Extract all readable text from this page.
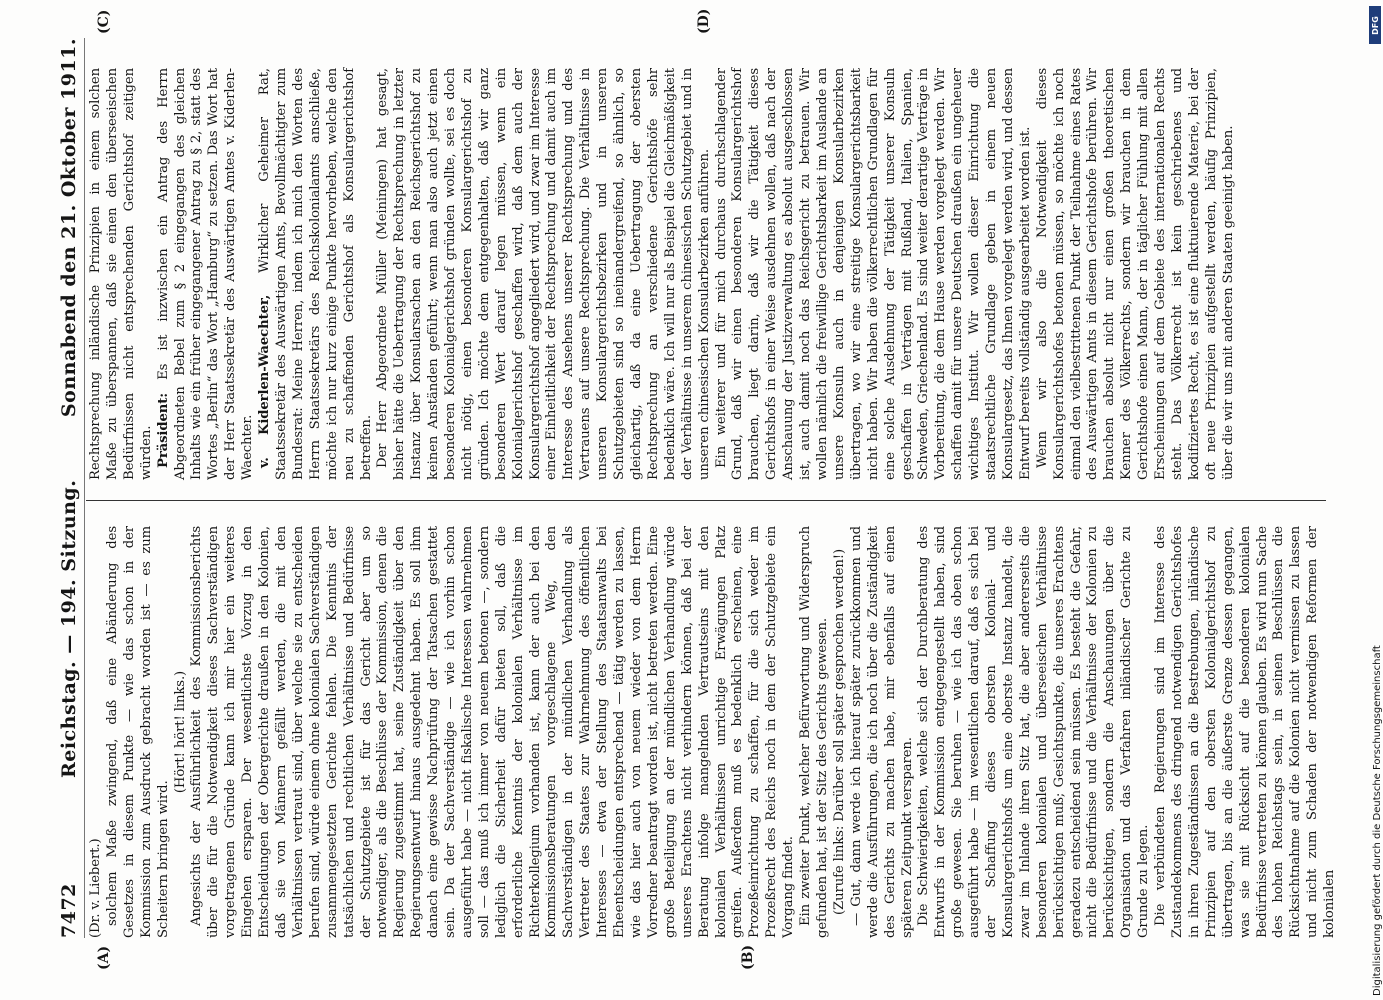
7472
Reichstag. — 194. Sitzung.
Sonnabend den 21. Oktober 1911.
(A)	(B)
(C)	(D)

(Dr. v. Liebert.) solchem Maße zwingend, daß eine Abänderung des Gesetzes in diesem Punkte — wie das schon in der Kommission zum Ausdruck gebracht worden ist — es zum Scheitern bringen wird.

(Hört! hört! links.) Angesichts der Ausführlichkeit des Kommissionsberichts über die für die Notwendigkeit dieses Sachverständigen vorgetragenen Gründe kann ich mir hier ein weiteres Eingehen ersparen. Der wesentlichste Vorzug in den Entscheidungen der Obergerichte draußen in den Kolonien, daß sie von Männern gefällt werden, die mit den Verhältnissen vertraut sind, über welche sie zu entscheiden berufen sind, würde einem ohne kolonialen Sachverständigen zusammengesetzten Gerichte fehlen. Die Kenntnis der tatsächlichen und rechtlichen Verhältnisse und Bedürfnisse der Schutzgebiete ist für das Gericht aber um so notwendiger, als die Beschlüsse der Kommission, denen die Regierung zugestimmt hat, seine Zuständigkeit über den Regierungsentwurf hinaus ausgedehnt haben. Es soll ihm danach eine gewisse Nachprüfung der Tatsachen gestattet sein. Da der Sachverständige — wie ich vorhin schon ausgeführt habe — nicht fiskalische Interessen wahrnehmen soll — das muß ich immer von neuem betonen —, sondern lediglich die Sicherheit dafür bieten soll, daß die erforderliche Kenntnis der kolonialen Verhältnisse im Richterkollegium vorhanden ist, kann der auch bei den Kommissionsberatungen vorgeschlagene Weg, den Sachverständigen in der mündlichen Verhandlung als Vertreter des Staates zur Wahrnehmung des öffentlichen Interesses — etwa der Stellung des Staatsanwalts bei Eheentscheidungen entsprechend — tätig werden zu lassen, wie das hier auch von neuem wieder von dem Herrn Vorredner beantragt worden ist, nicht betreten werden. Eine große Beteiligung an der mündlichen Verhandlung würde unseres Erachtens nicht verhindern können, daß bei der Beratung infolge mangelnden Vertrautseins mit den kolonialen Verhältnissen unrichtige Erwägungen Platz greifen. Außerdem muß es bedenklich erscheinen, eine Prozeßeinrichtung zu schaffen, für die sich weder im Prozeßrecht des Reichs noch in dem der Schutzgebiete ein Vorgang findet. Ein zweiter Punkt, welcher Befürwortung und Widerspruch gefunden hat, ist der Sitz des Gerichts gewesen. (Zurufe links: Darüber soll später gesprochen werden!) — Gut, dann werde ich hierauf später zurückkommen und werde die Ausführungen, die ich noch über die Zuständigkeit des Gerichts zu machen habe, mir ebenfalls auf einen späteren Zeitpunkt versparen. Die Schwierigkeiten, welche sich der Durchberatung des Entwurfs in der Kommission entgegengestellt haben, sind große gewesen. Sie beruhen — wie ich das oben schon ausgeführt habe — im wesentlichen darauf, daß es sich bei der Schaffung dieses obersten Kolonial- und Konsulargerichtshofs um eine oberste Instanz handelt, die zwar im Inlande ihren Sitz hat, die aber andererseits die besonderen kolonialen und überseeischen Verhältnisse berücksichtigen muß; Gesichtspunkte, die unseres Erachtens geradezu entscheidend sein müssen. Es besteht die Gefahr, nicht die Bedürfnisse und die Verhältnisse der Kolonien zu berücksichtigen, sondern die Anschauungen über die Organisation und das Verfahren inländischer Gerichte zu Grunde zu legen. Die verbündeten Regierungen sind im Interesse des Zustandekommens des dringend notwendigen Gerichtshofes in ihren Zugeständnissen an die Bestrebungen, inländische Prinzipien auf den obersten Kolonialgerichtshof zu übertragen, bis an die äußerste Grenze dessen gegangen, was sie mit Rücksicht auf die besonderen kolonialen Bedürfnisse vertreten zu können glauben. Es wird nun Sache des hohen Reichstags sein, in seinen Beschlüssen die Rücksichtnahme auf die Kolonien nicht vermissen zu lassen und nicht zum Schaden der notwendigen Reformen der kolonialen

Rechtsprechung inländische Prinzipien in einem solchen Maße zu überspannen, daß sie einen den überseeischen Bedürfnissen nicht entsprechenden Gerichtshof zeitigen würden. Präsident: Es ist inzwischen ein Antrag des Herrn Abgeordneten Bebel zum § 2 eingegangen des gleichen Inhalts wie ein früher eingegangener Antrag zu § 2, statt des Wortes „Berlin“ das Wort „Hamburg“ zu setzen. Das Wort hat der Herr Staatssekretär des Auswärtigen Amtes v. Kiderlen-Waechter. v. Kiderlen-Waechter, Wirklicher Geheimer Rat, Staatssekretär des Auswärtigen Amts, Bevollmächtigter zum Bundesrat: Meine Herren, indem ich mich den Worten des Herrn Staatssekretärs des Reichskolonialamts anschließe, möchte ich nur kurz einige Punkte hervorheben, welche den neu zu schaffenden Gerichtshof als Konsulargerichtshof betreffen. Der Herr Abgeordnete Müller (Meiningen) hat gesagt, bisher hätte die Uebertragung der Rechtsprechung in letzter Instanz über Konsularsachen an den Reichsgerichtshof zu keinen Anständen geführt; wenn man also auch jetzt einen besonderen Kolonialgerichtshof gründen wollte, sei es doch nicht nötig, einen besonderen Konsulargerichtshof zu gründen. Ich möchte dem entgegenhalten, daß wir ganz besonderen Wert darauf legen müssen, wenn ein Kolonialgerichtshof geschaffen wird, daß dem auch der Konsulargerichtshof angegliedert wird, und zwar im Interesse einer Einheitlichkeit der Rechtsprechung und damit auch im Interesse des Ansehens unserer Rechtsprechung und des Vertrauens auf unsere Rechtsprechung. Die Verhältnisse in unseren Konsulargerichtsbezirken und in unseren Schutzgebieten sind so ineinandergreifend, so ähnlich, so gleichartig, daß da eine Uebertragung der obersten Rechtsprechung an verschiedene Gerichtshöfe sehr bedenklich wäre. Ich will nur als Beispiel die Gleichmäßigkeit der Verhältnisse in unserem chinesischen Schutzgebiet und in unseren chinesischen Konsularbezirken anführen. Ein weiterer und für mich durchaus durchschlagender Grund, daß wir einen besonderen Konsulargerichtshof brauchen, liegt darin, daß wir die Tätigkeit dieses Gerichtshofs in einer Weise ausdehnen wollen, daß nach der Anschauung der Justizverwaltung es absolut ausgeschlossen ist, auch damit noch das Reichsgericht zu betrauen. Wir wollen nämlich die freiwillige Gerichtsbarkeit im Auslande an unsere Konsuln auch in denjenigen Konsularbezirken übertragen, wo wir eine streitige Konsulargerichtsbarkeit nicht haben. Wir haben die völkerrechtlichen Grundlagen für eine solche Ausdehnung der Tätigkeit unserer Konsuln geschaffen in Verträgen mit Rußland, Italien, Spanien, Schweden, Griechenland. Es sind weiter derartige Verträge in Vorbereitung, die dem Hause werden vorgelegt werden. Wir schaffen damit für unsere Deutschen draußen ein ungeheuer wichtiges Institut. Wir wollen dieser Einrichtung die staatsrechtliche Grundlage geben in einem neuen Konsulargesetz, das Ihnen vorgelegt werden wird, und dessen Entwurf bereits vollständig ausgearbeitet worden ist. Wenn wir also die Notwendigkeit dieses Konsulargerichtshofes betonen müssen, so möchte ich noch einmal den vielbestrittenen Punkt der Teilnahme eines Rates des Auswärtigen Amts in diesem Gerichtshofe berühren. Wir brauchen absolut nicht nur einen großen theoretischen Kenner des Völkerrechts, sondern wir brauchen in dem Gerichtshofe einen Mann, der in täglicher Fühlung mit allen Erscheinungen auf dem Gebiete des internationalen Rechts steht. Das Völkerrecht ist kein geschriebenes und kodifiziertes Recht, es ist eine fluktuierende Materie, bei der oft neue Prinzipien aufgestellt werden, häufig Prinzipien, über die wir uns mit anderen Staaten geeinigt haben.

DFG
Digitalisierung gefördert durch die Deutsche Forschungsgemeinschaft
